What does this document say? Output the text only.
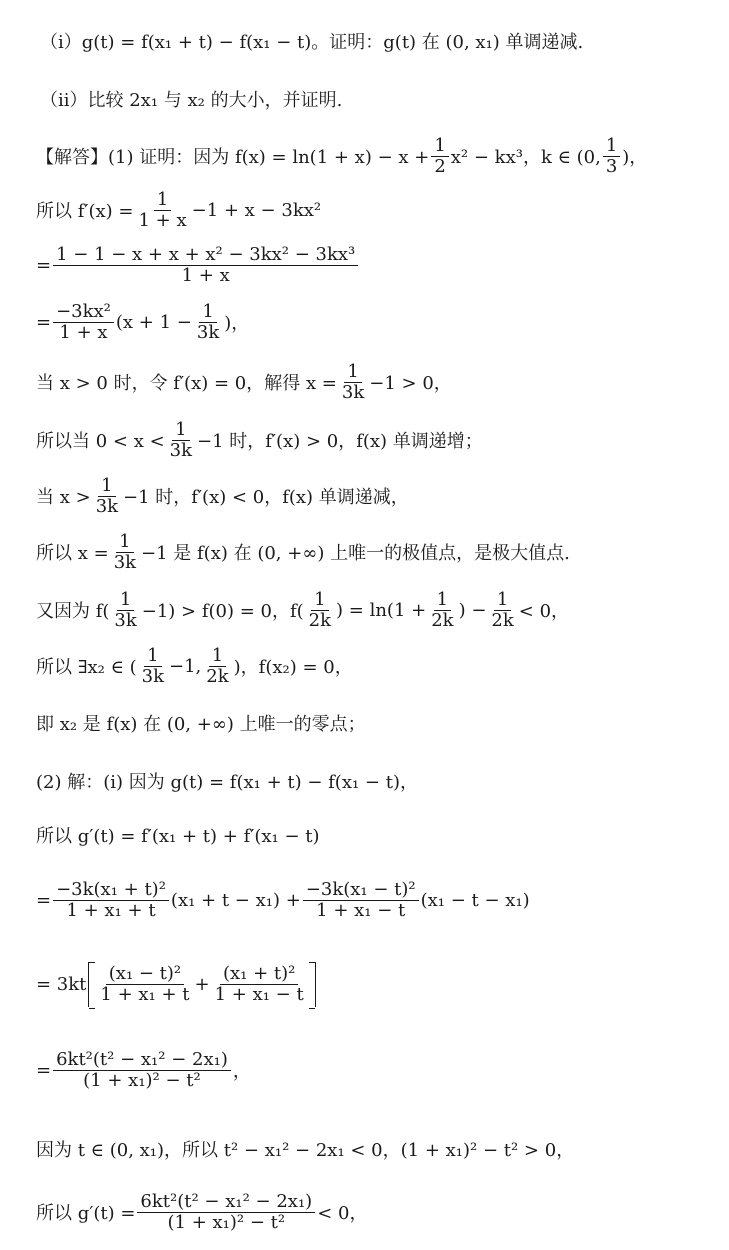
（i）g(t) = f(x₁ + t) − f(x₁ − t)。证明：g(t) 在 (0, x₁) 单调递减.
（ii）比较 2x₁ 与 x₂ 的大小，并证明.
【解答】(1) 证明：因为 $f(x) = \ln(1 + x) - x + \frac{1}{2} x^2 - kx^3$，k ∈ (0, $\frac{1}{3}$ )，
所以 $f'(x) = \frac{1}{1 + x} -1 + x - 3kx^2$
= $\frac{\text{1 − 1 − x + x + x² − 3kx² − 3kx³}}{1 + x}$
= $\frac{\text{−3kx²}}{1 + x} (x + 1 - \frac{1}{3k}$ )，
当 x > 0 时，令 f′(x) = 0，解得 $x = \frac{1}{3k} -1 > 0$，
所以当 $0 < x < \frac{1}{3k} -1$ 时，f′(x) > 0，f(x) 单调递增；
当 $x > \frac{1}{3k} -1$ 时，f′(x) < 0，f(x) 单调递减，
所以 $x = \frac{1}{3k} -1$ 是 f(x) 在 (0, +∞) 上唯一的极值点，是极大值点.
又因为 $f( \frac{1}{3k} -1) > f(0) = 0$，$f( \frac{1}{2k}$ ) = $\ln(1 + \frac{1}{2k}$ ) − $\frac{1}{2k} < 0$，
所以 ∃x₂ ∈ ( $\frac{1}{3k} -1$, $\frac{1}{2k}$ )，f(x₂) = 0，
即 x₂ 是 f(x) 在 (0, +∞) 上唯一的零点；
(2) 解：(i) 因为 g(t) = f(x₁ + t) − f(x₁ − t)，
所以 g′(t) = f′(x₁ + t) + f′(x₁ − t)
= $\frac{\text{−3k(x₁ + t)²}}{\text{1 + x₁ + t}} (x_1 + t - x_1) + \frac{\text{−3k(x₁ − t)²}}{\text{1 + x₁ − t}} (x_1 - t - x_1)$
= $3kt \frac{\text{(x₁ − t)²}}{\text{1 + x₁ + t}} + \frac{\text{(x₁ + t)²}}{\text{1 + x₁ − t}}$
= $\frac{\text{6kt²(t² − x₁² − 2x₁)}}{\text{(1 + x₁)² − t²}}$ ，
因为 t ∈ (0, x₁)，所以 t² − x₁² − 2x₁ < 0，(1 + x₁)² − t² > 0，
所以 $g'(t) = \frac{\text{6kt²(t² − x₁² − 2x₁)}}{\text{(1 + x₁)² − t²}} < 0$，
